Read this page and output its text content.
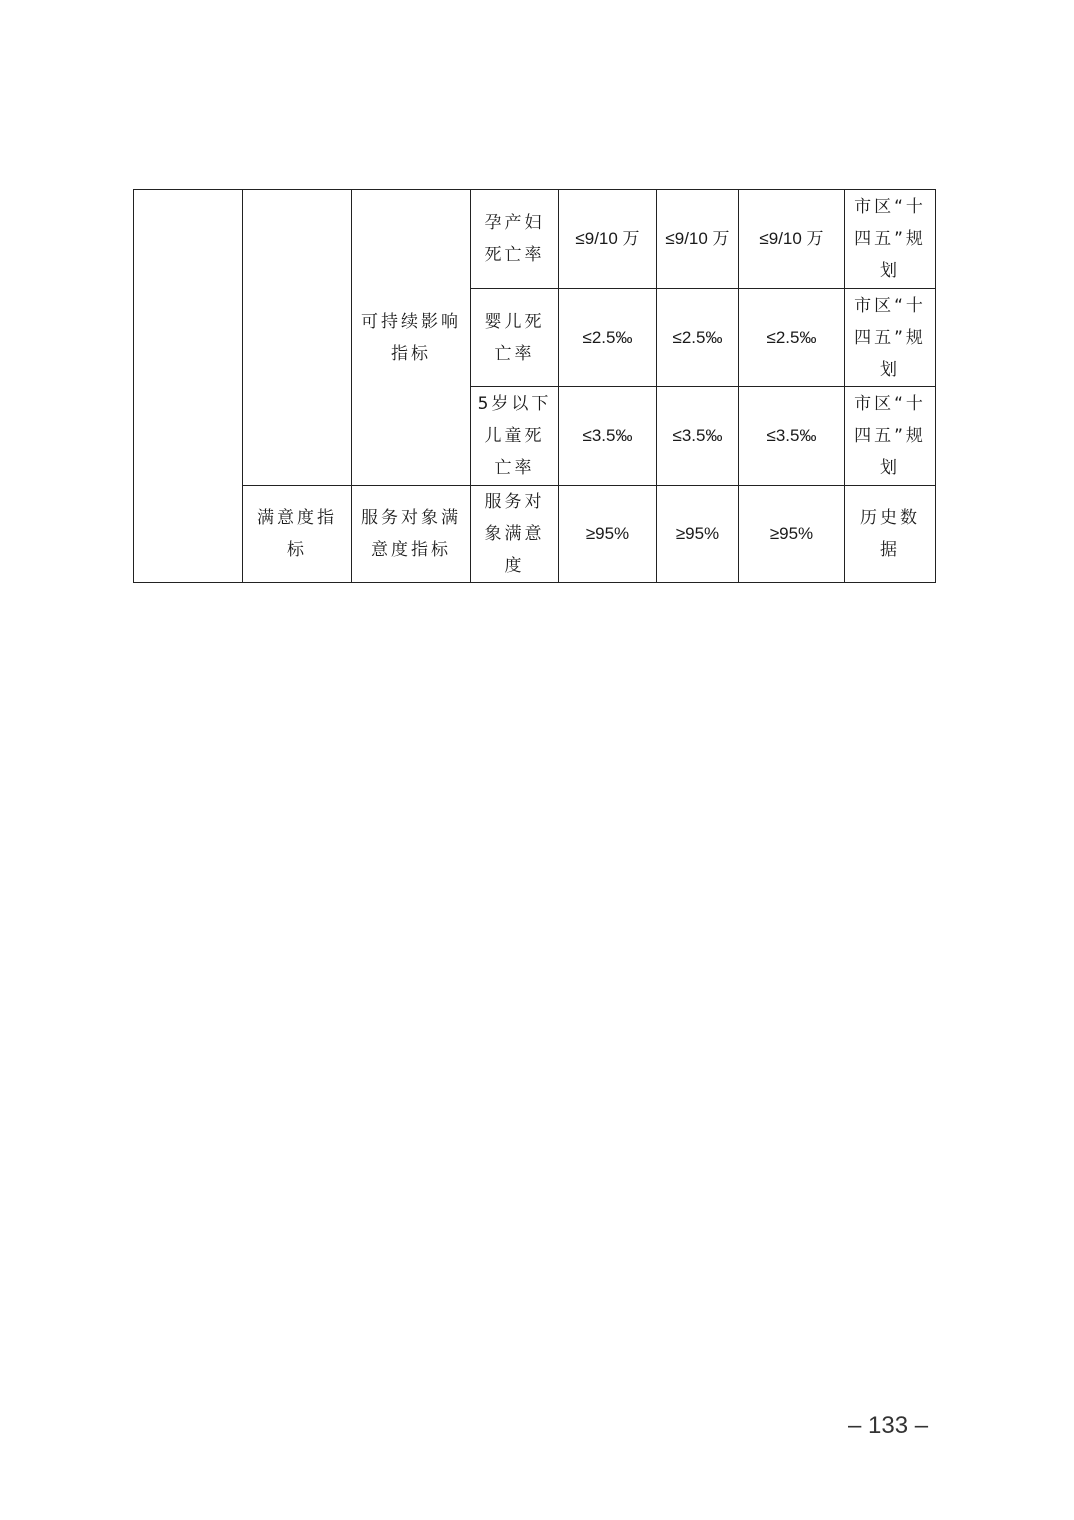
		可持续影响指标	孕产妇死亡率	≤9/10 万	≤9/10 万	≤9/10 万	市区“十四五”规划
			婴儿死亡率	≤2.5‰	≤2.5‰	≤2.5‰	市区“十四五”规划
			5岁以下儿童死亡率	≤3.5‰	≤3.5‰	≤3.5‰	市区“十四五”规划
	满意度指标	服务对象满意度指标	服务对象满意度	≥95%	≥95%	≥95%	历史数据
– 133 –
